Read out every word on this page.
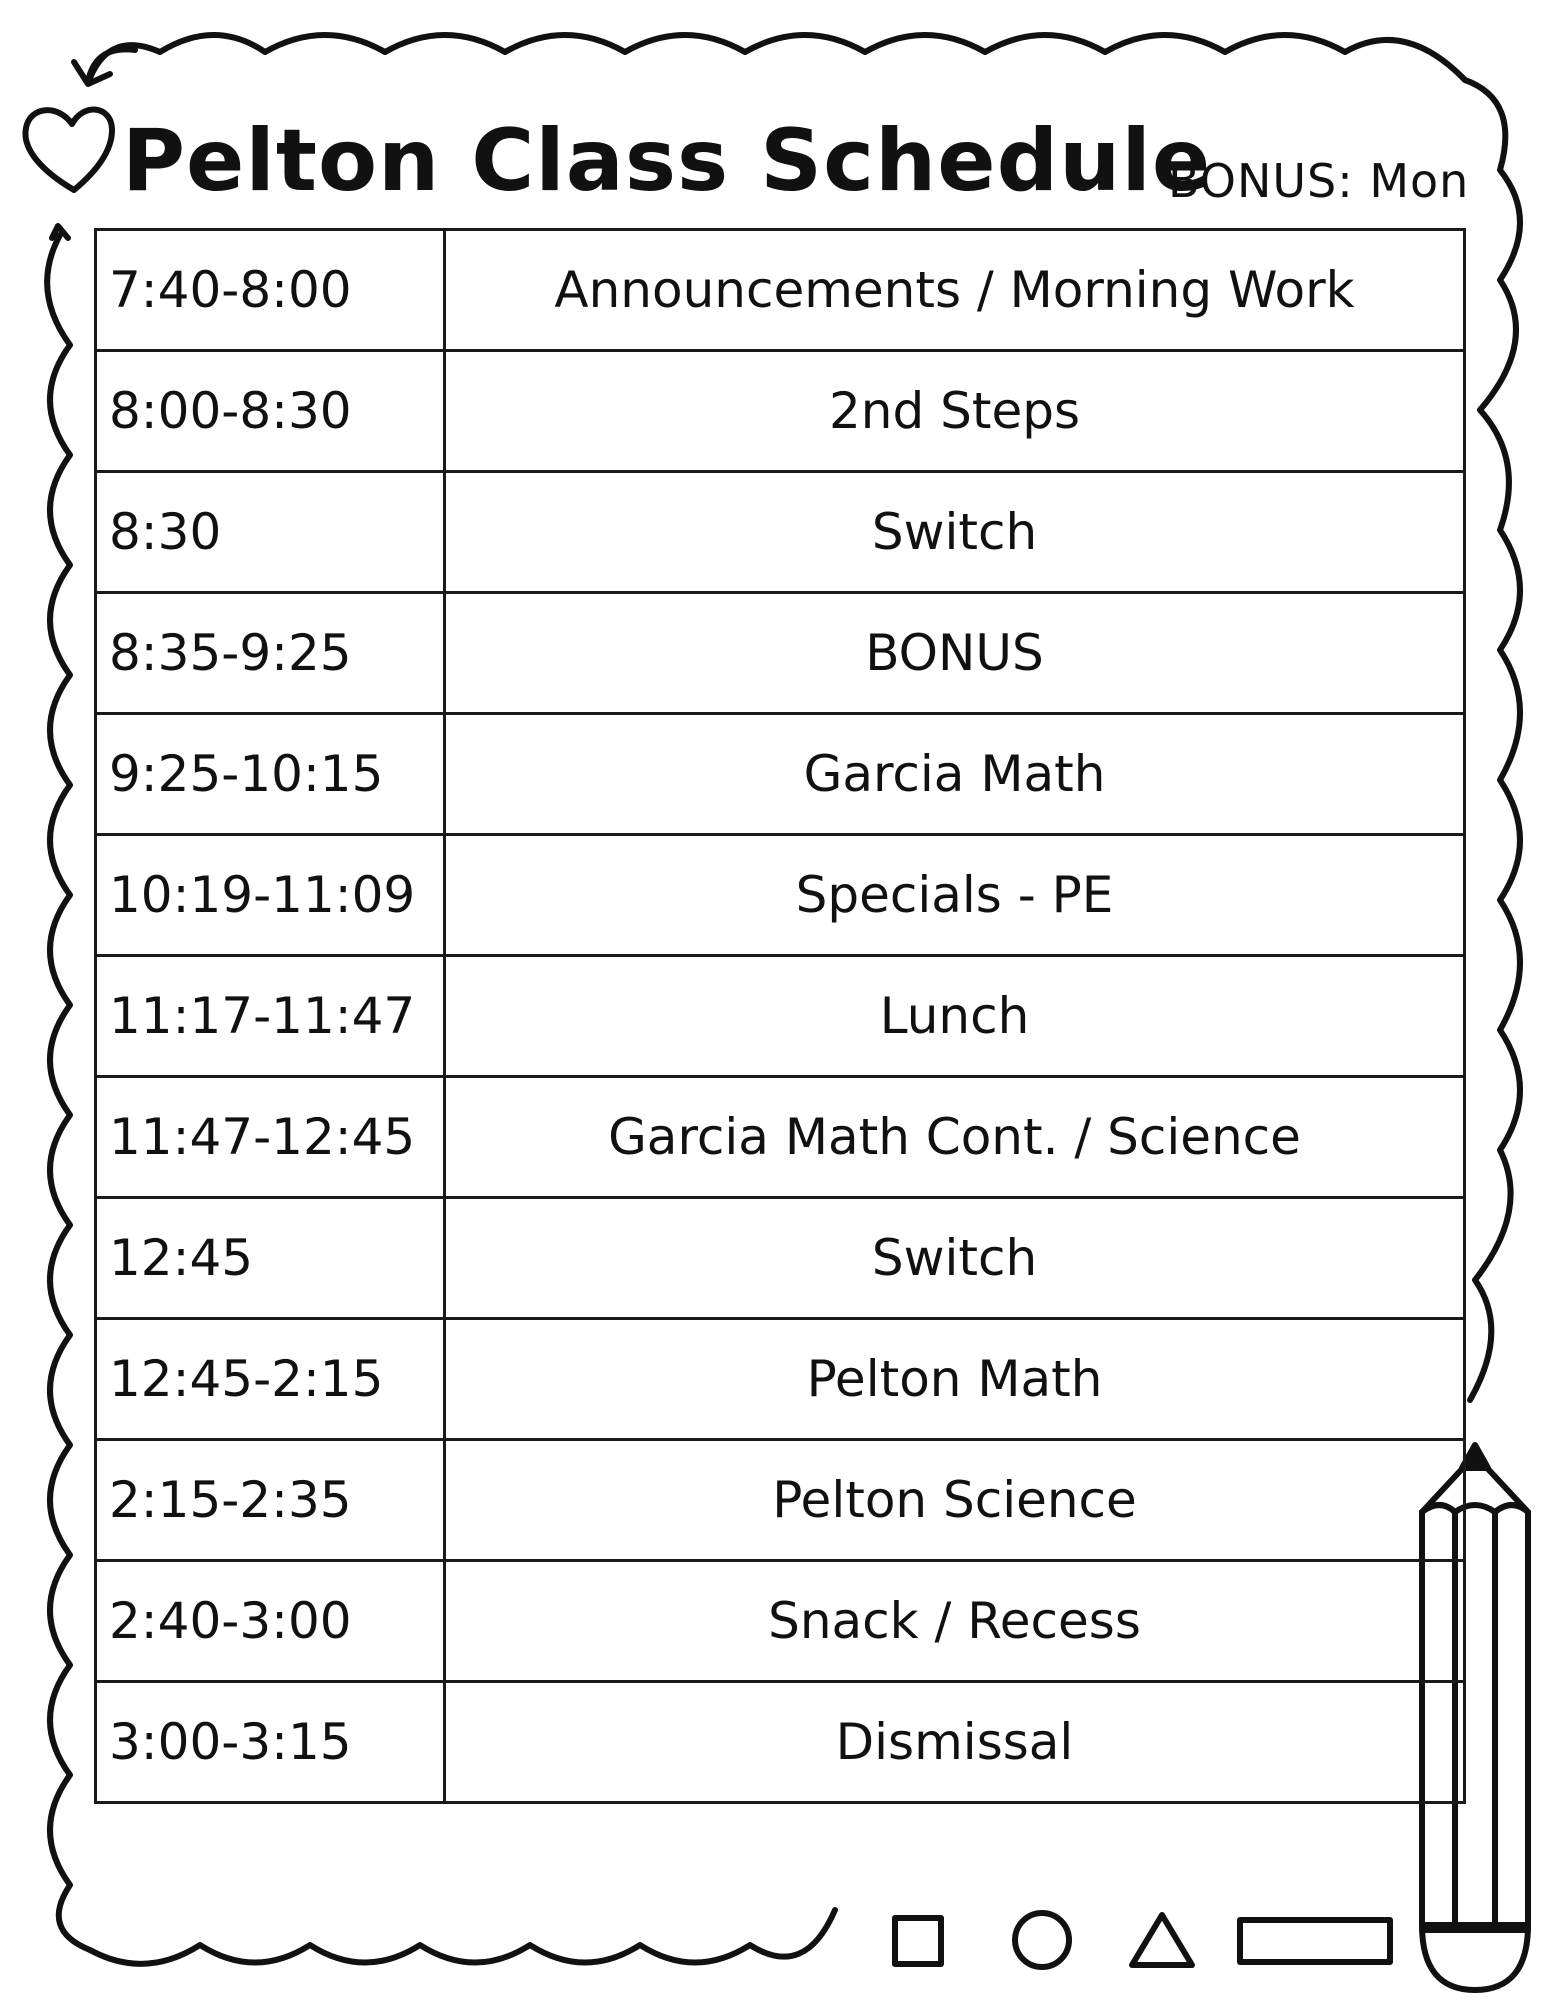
Pelton Class Schedule
BONUS: Mon
7:40-8:00	Announcements / Morning Work
8:00-8:30	2nd Steps
8:30	Switch
8:35-9:25	BONUS
9:25-10:15	Garcia Math
10:19-11:09	Specials - PE
11:17-11:47	Lunch
11:47-12:45	Garcia Math Cont. / Science
12:45	Switch
12:45-2:15	Pelton Math
2:15-2:35	Pelton Science
2:40-3:00	Snack / Recess
3:00-3:15	Dismissal
